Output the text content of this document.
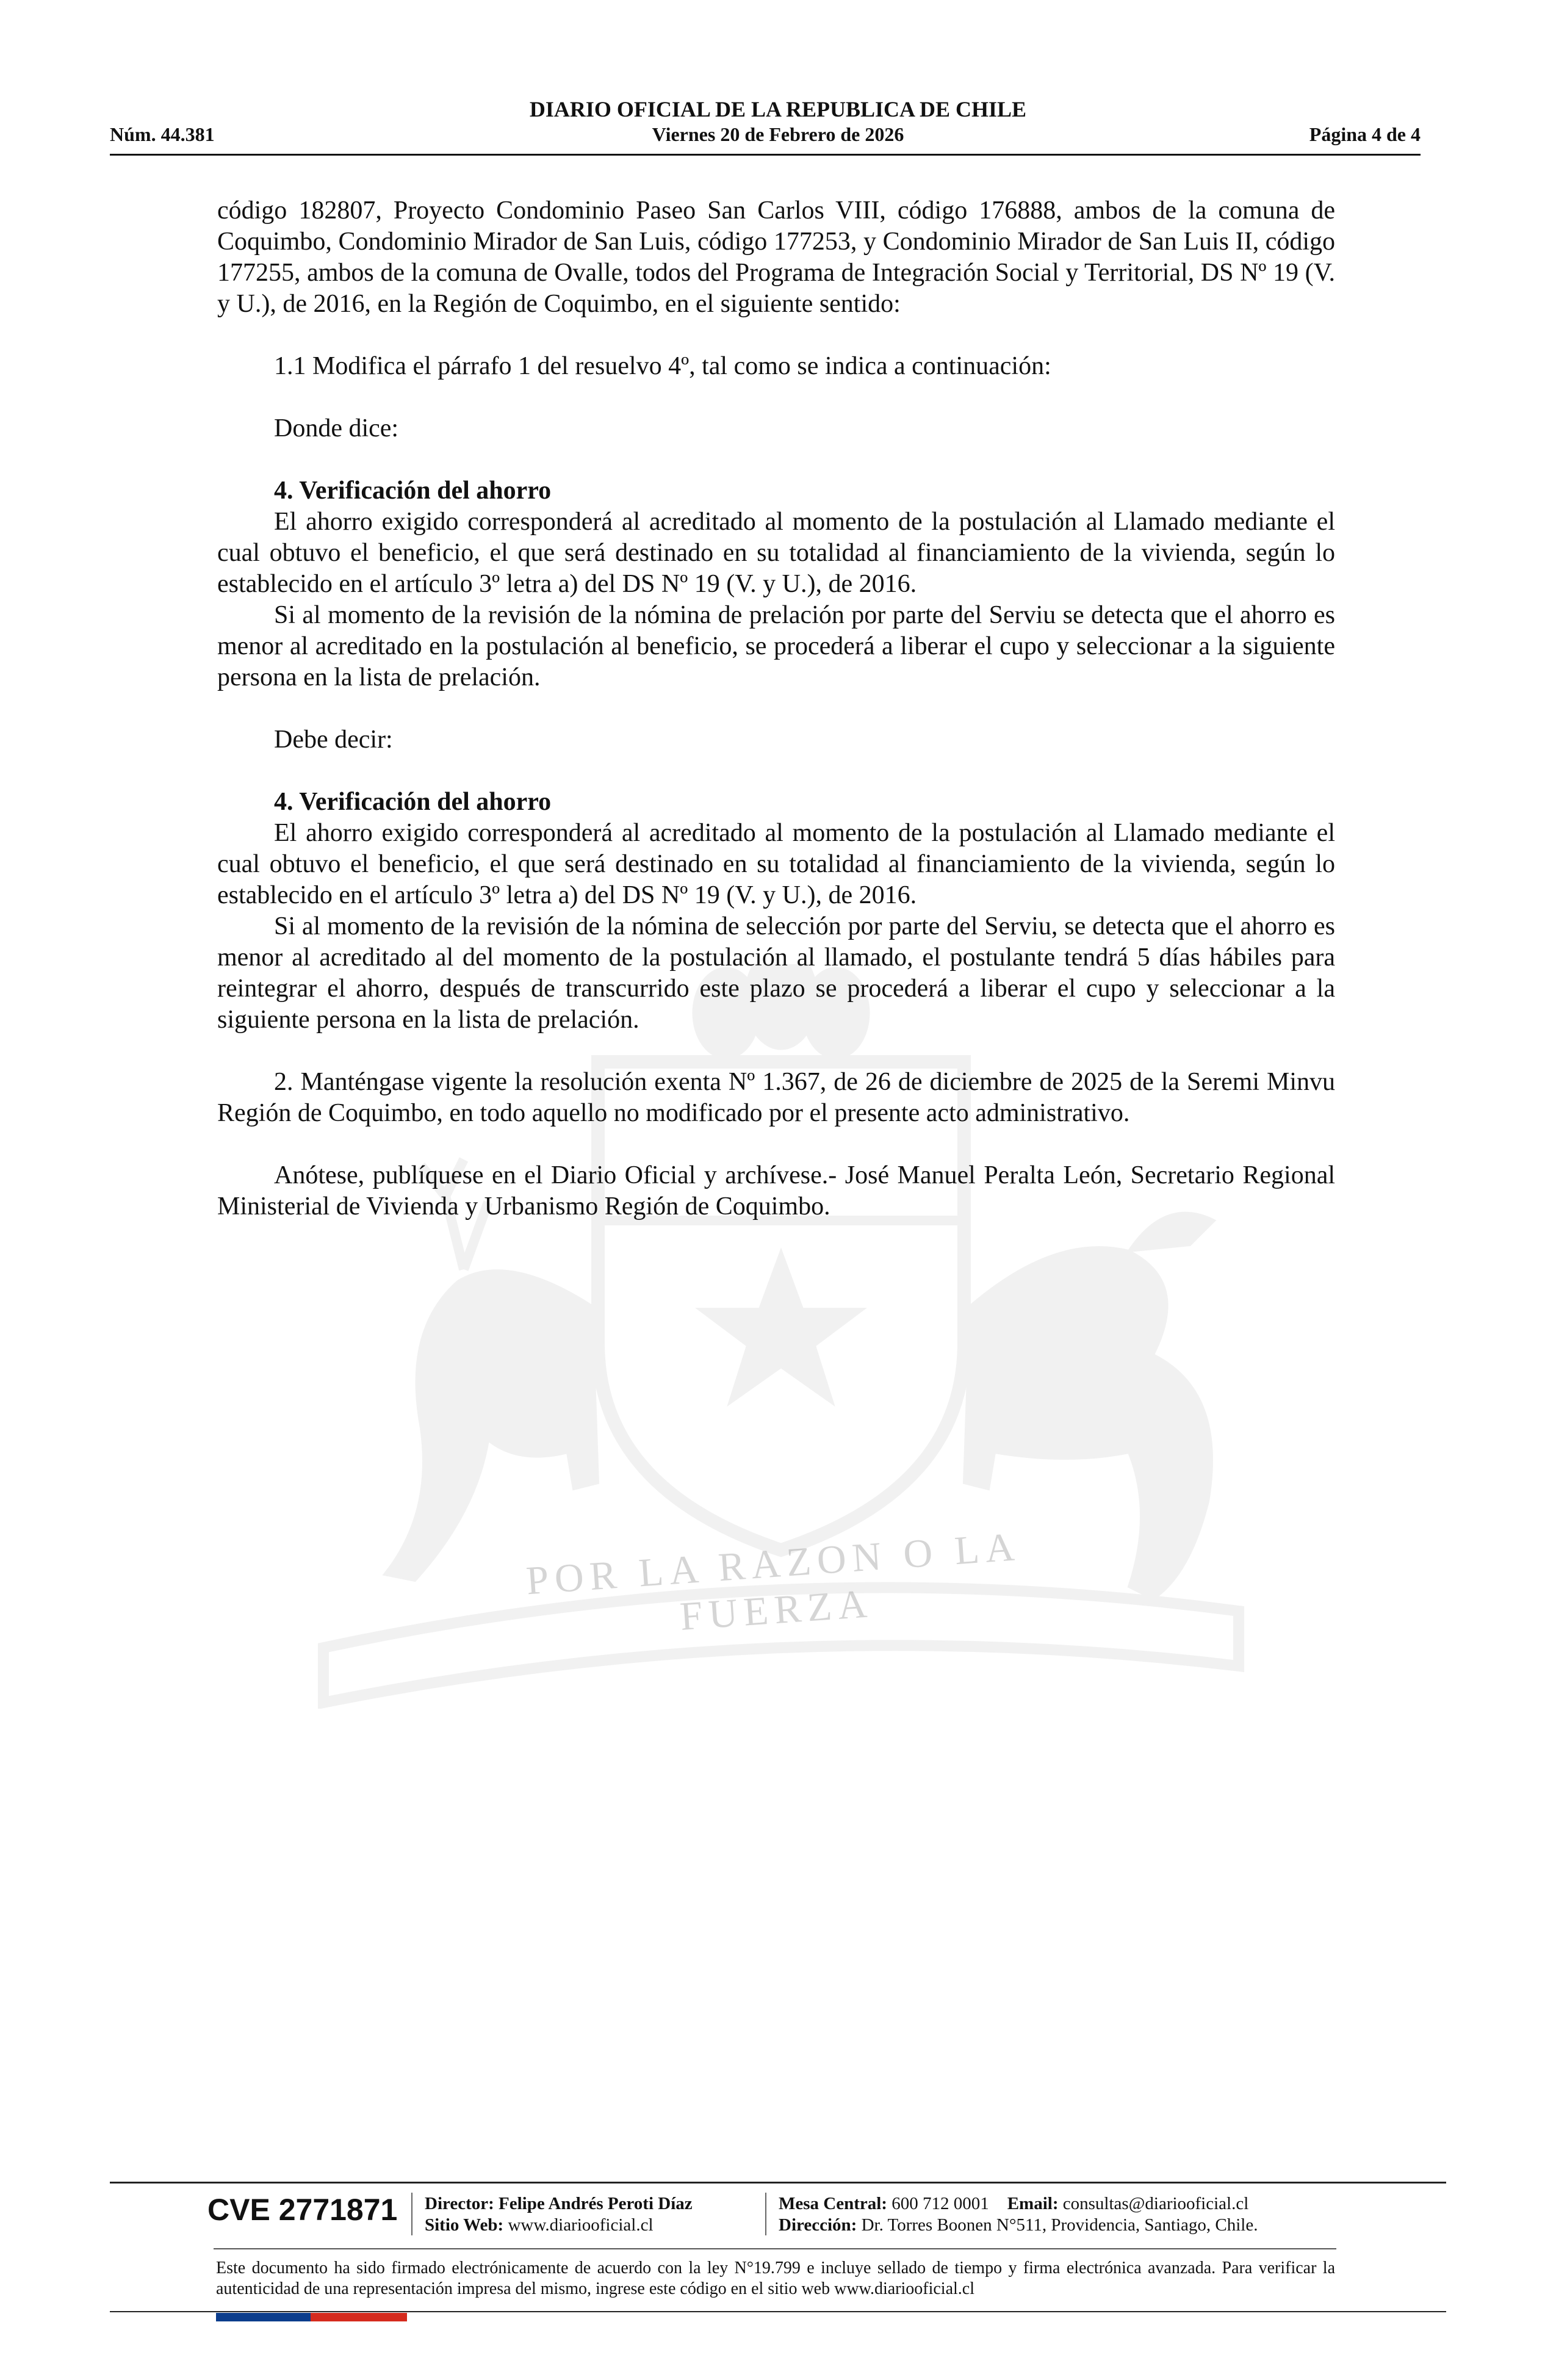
POR LA RAZON O LA FUERZA
DIARIO OFICIAL DE LA REPUBLICA DE CHILE
Núm. 44.381	Viernes 20 de Febrero de 2026	Página 4 de 4

código 182807, Proyecto Condominio Paseo San Carlos VIII, código 176888, ambos de la comuna de Coquimbo, Condominio Mirador de San Luis, código 177253, y Condominio Mirador de San Luis II, código 177255, ambos de la comuna de Ovalle, todos del Programa de Integración Social y Territorial, DS Nº 19 (V. y U.), de 2016, en la Región de Coquimbo, en el siguiente sentido:

1.1 Modifica el párrafo 1 del resuelvo 4º, tal como se indica a continuación:

Donde dice:

4. Verificación del ahorro

El ahorro exigido corresponderá al acreditado al momento de la postulación al Llamado mediante el cual obtuvo el beneficio, el que será destinado en su totalidad al financiamiento de la vivienda, según lo establecido en el artículo 3º letra a) del DS Nº 19 (V. y U.), de 2016.

Si al momento de la revisión de la nómina de prelación por parte del Serviu se detecta que el ahorro es menor al acreditado en la postulación al beneficio, se procederá a liberar el cupo y seleccionar a la siguiente persona en la lista de prelación.

Debe decir:

4. Verificación del ahorro

El ahorro exigido corresponderá al acreditado al momento de la postulación al Llamado mediante el cual obtuvo el beneficio, el que será destinado en su totalidad al financiamiento de la vivienda, según lo establecido en el artículo 3º letra a) del DS Nº 19 (V. y U.), de 2016.

Si al momento de la revisión de la nómina de selección por parte del Serviu, se detecta que el ahorro es menor al acreditado al del momento de la postulación al llamado, el postulante tendrá 5 días hábiles para reintegrar el ahorro, después de transcurrido este plazo se procederá a liberar el cupo y seleccionar a la siguiente persona en la lista de prelación.

2. Manténgase vigente la resolución exenta Nº 1.367, de 26 de diciembre de 2025 de la Seremi Minvu Región de Coquimbo, en todo aquello no modificado por el presente acto administrativo.

Anótese, publíquese en el Diario Oficial y archívese.- José Manuel Peralta León, Secretario Regional Ministerial de Vivienda y Urbanismo Región de Coquimbo.

CVE 2771871 Director: Felipe Andrés Peroti Díaz
Sitio Web: www.diariooficial.cl
Mesa Central: 600 712 0001 Email: consultas@diariooficial.cl
Dirección: Dr. Torres Boonen N°511, Providencia, Santiago, Chile.
Este documento ha sido firmado electrónicamente de acuerdo con la ley N°19.799 e incluye sellado de tiempo y firma electrónica avanzada. Para verificar la autenticidad de una representación impresa del mismo, ingrese este código en el sitio web www.diariooficial.cl
